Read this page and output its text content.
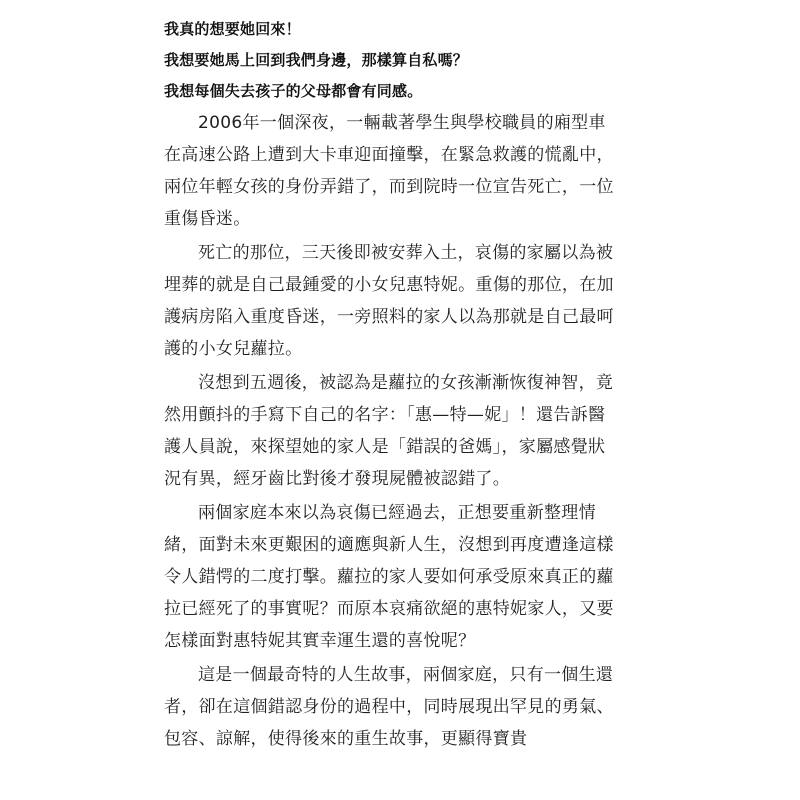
我真的想要她回來！
我想要她馬上回到我們身邊，那樣算自私嗎？
我想每個失去孩子的父母都會有同感。

2006年一個深夜，一輛載著學生與學校職員的廂型車
在高速公路上遭到大卡車迎面撞擊，在緊急救護的慌亂中，
兩位年輕女孩的身份弄錯了，而到院時一位宣告死亡，一位
重傷昏迷。

死亡的那位，三天後即被安葬入土，哀傷的家屬以為被
埋葬的就是自己最鍾愛的小女兒惠特妮。重傷的那位，在加
護病房陷入重度昏迷，一旁照料的家人以為那就是自己最呵
護的小女兒蘿拉。

沒想到五週後，被認為是蘿拉的女孩漸漸恢復神智，竟
然用顫抖的手寫下自己的名字：「惠—特—妮」！還告訴醫
護人員說，來探望她的家人是「錯誤的爸媽」，家屬感覺狀
況有異，經牙齒比對後才發現屍體被認錯了。

兩個家庭本來以為哀傷已經過去，正想要重新整理情
緒，面對未來更艱困的適應與新人生，沒想到再度遭逢這樣
令人錯愕的二度打擊。蘿拉的家人要如何承受原來真正的蘿
拉已經死了的事實呢？而原本哀痛欲絕的惠特妮家人，又要
怎樣面對惠特妮其實幸運生還的喜悅呢？

這是一個最奇特的人生故事，兩個家庭，只有一個生還
者，卻在這個錯認身份的過程中，同時展現出罕見的勇氣、
包容、諒解，使得後來的重生故事，更顯得寶貴
